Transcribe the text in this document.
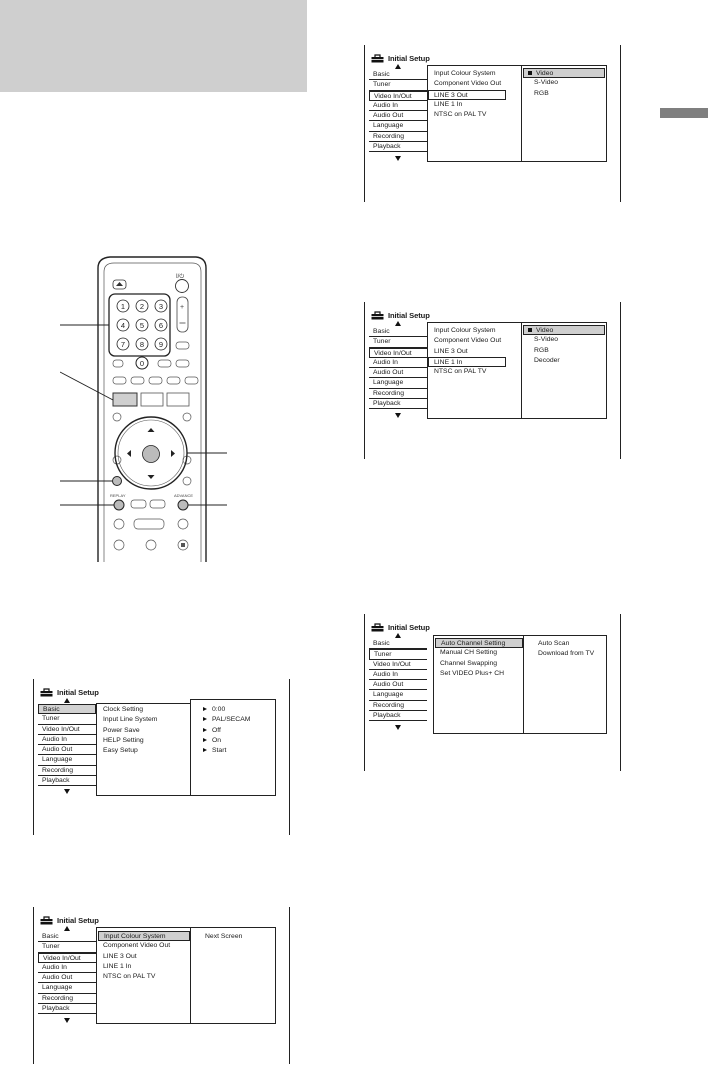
I/⏻
1 2 3
4 5 6
7 8 9
0
+
REPLAY	ADVANCE
Initial Setup
Basic
Tuner
Video In/Out
Audio In
Audio Out
Language
Recording
Playback
Clock Setting
Input Line System
Power Save
HELP Setting
Easy Setup
0:00
PAL/SECAM
Off
On
Start
Initial Setup
Basic
Tuner
Video In/Out
Audio In
Audio Out
Language
Recording
Playback
Input Colour System
Component Video Out
LINE 3 Out
LINE 1 In
NTSC on PAL TV
Next Screen
Initial Setup
Basic
Tuner
Video In/Out
Audio In
Audio Out
Language
Recording
Playback
Input Colour System
Component Video Out
LINE 3 Out
LINE 1 In
NTSC on PAL TV
Video
S-Video
RGB
Initial Setup
Basic
Tuner
Video In/Out
Audio In
Audio Out
Language
Recording
Playback
Input Colour System
Component Video Out
LINE 3 Out
LINE 1 In
NTSC on PAL TV
Video
S-Video
RGB
Decoder
Initial Setup
Basic
Tuner
Video In/Out
Audio In
Audio Out
Language
Recording
Playback
Auto Channel Setting
Manual CH Setting
Channel Swapping
Set VIDEO Plus+ CH
Auto Scan
Download from TV
